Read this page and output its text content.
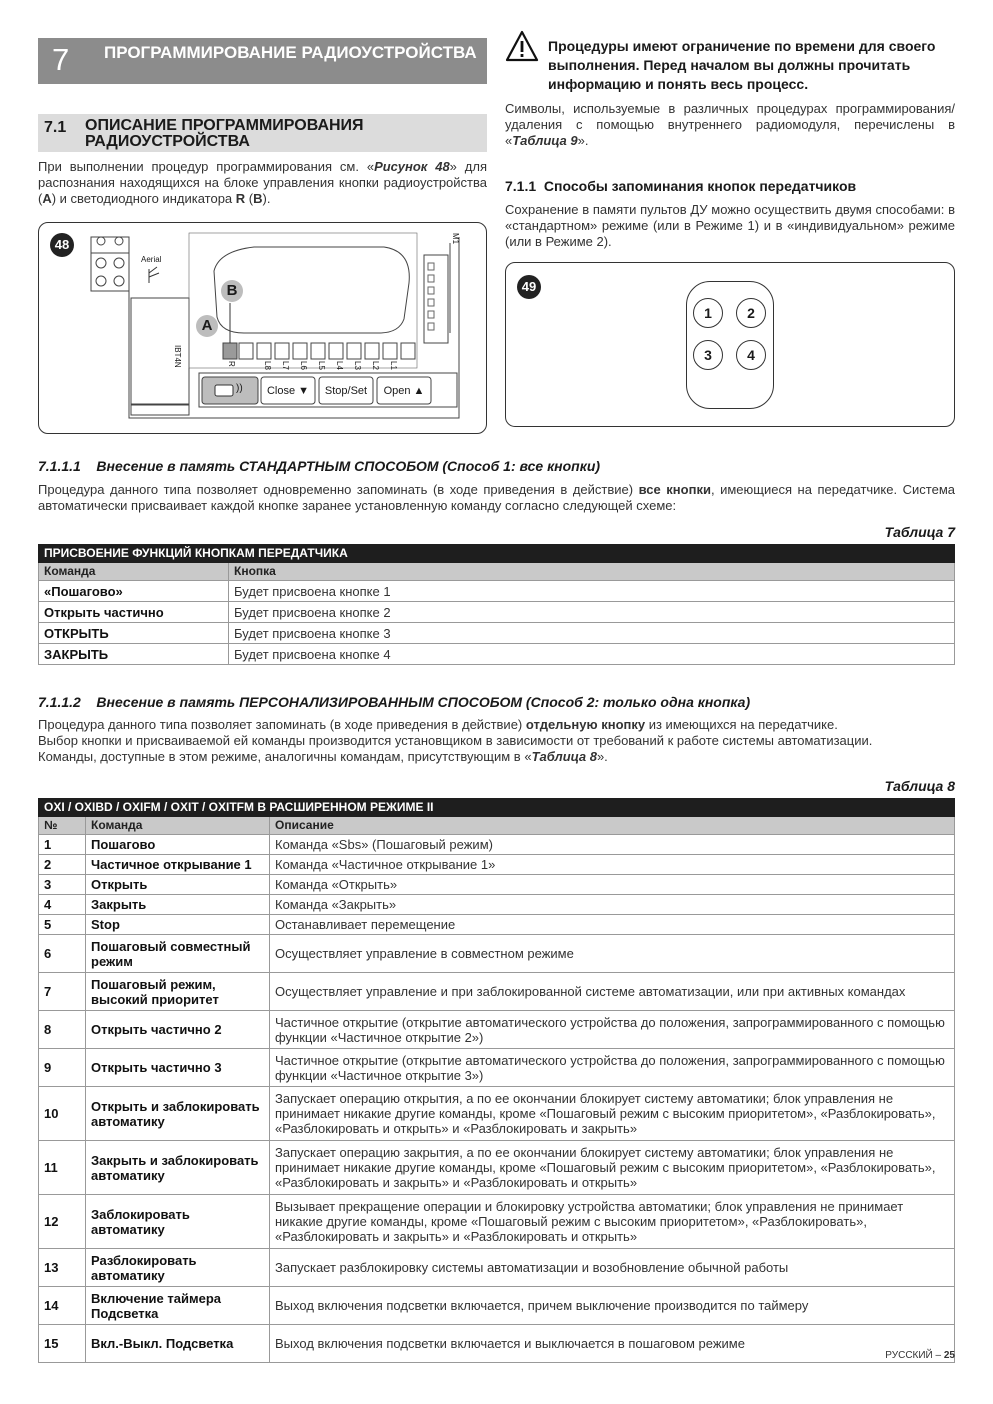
7 ПРОГРАММИРОВАНИЕ РАДИОУСТРОЙСТВА
7.1 ОПИСАНИЕ ПРОГРАММИРОВАНИЯ РАДИОУСТРОЙСТВА
При выполнении процедур программирования см. «Рисунок 48» для распознания находящихся на блоке управления кнопки радиоустройства (A) и светодиодного индикатора R (B).
Процедуры имеют ограничение по времени для своего выполнения. Перед началом вы должны прочитать информацию и понять весь процесс.
Символы, используемые в различных процедурах программирования/удаления с помощью внутреннего радиомодуля, перечислены в «Таблица 9».
7.1.1 Способы запоминания кнопок передатчиков
Сохранение в памяти пультов ДУ можно осуществить двумя способами: в «стандартном» режиме (или в Режиме 1) и в «индивидуальном» режиме (или в Режиме 2).
48
Aerial
B
A
IBT4N	R	L8 L7 L6 L5 L4 L3 L2 L1
M1
Close ▼	Stop/Set	Open ▲
))
49
1	2
3	4
7.1.1.1 Внесение в память СТАНДАРТНЫМ СПОСОБОМ (Способ 1: все кнопки)
Процедура данного типа позволяет одновременно запоминать (в ходе приведения в действие) все кнопки, имеющиеся на передатчике. Система автоматически присваивает каждой кнопке заранее установленную команду согласно следующей схеме:
Таблица 7
ПРИСВОЕНИЕ ФУНКЦИЙ КНОПКАМ ПЕРЕДАТЧИКА	
Команда	Кнопка
«Пошагово»	Будет присвоена кнопке 1
Открыть частично	Будет присвоена кнопке 2
ОТКРЫТЬ	Будет присвоена кнопке 3
ЗАКРЫТЬ	Будет присвоена кнопке 4
7.1.1.2 Внесение в память ПЕРСОНАЛИЗИРОВАННЫМ СПОСОБОМ (Способ 2: только одна кнопка)
Процедура данного типа позволяет запоминать (в ходе приведения в действие) отдельную кнопку из имеющихся на передатчике.
Выбор кнопки и присваиваемой ей команды производится установщиком в зависимости от требований к работе системы автоматизации.
Команды, доступные в этом режиме, аналогичны командам, присутствующим в «Таблица 8».
Таблица 8
OXI / OXIBD / OXIFM / OXIT / OXITFM В РАСШИРЕННОМ РЕЖИМЕ II		
№	Команда	Описание
1	Пошагово	Команда «Sbs» (Пошаговый режим)
2	Частичное открывание 1	Команда «Частичное открывание 1»
3	Открыть	Команда «Открыть»
4	Закрыть	Команда «Закрыть»
5	Stop	Останавливает перемещение
6	Пошаговый совместный режим	Осуществляет управление в совместном режиме
7	Пошаговый режим, высокий приоритет	Осуществляет управление и при заблокированной системе автоматизации, или при активных командах
8	Открыть частично 2	Частичное открытие (открытие автоматического устройства до положения, запрограммированного с помощью функции «Частичное открытие 2»)
9	Открыть частично 3	Частичное открытие (открытие автоматического устройства до положения, запрограммированного с помощью функции «Частичное открытие 3»)
10	Открыть и заблокировать автоматику	Запускает операцию открытия, а по ее окончании блокирует систему автоматики; блок управления не принимает никакие другие команды, кроме «Пошаговый режим с высоким приоритетом», «Разблокировать», «Разблокировать и открыть» и «Разблокировать и закрыть»
11	Закрыть и заблокировать автоматику	Запускает операцию закрытия, а по ее окончании блокирует систему автоматики; блок управления не принимает никакие другие команды, кроме «Пошаговый режим с высоким приоритетом», «Разблокировать», «Разблокировать и закрыть» и «Разблокировать и открыть»
12	Заблокировать автоматику	Вызывает прекращение операции и блокировку устройства автоматики; блок управления не принимает никакие другие команды, кроме «Пошаговый режим с высоким приоритетом», «Разблокировать», «Разблокировать и закрыть» и «Разблокировать и открыть»
13	Разблокировать автоматику	Запускает разблокировку системы автоматизации и возобновление обычной работы
14	Включение таймера Подсветка	Выход включения подсветки включается, причем выключение производится по таймеру
15	Вкл.-Выкл. Подсветка	Выход включения подсветки включается и выключается в пошаговом режиме
РУССКИЙ – 25
